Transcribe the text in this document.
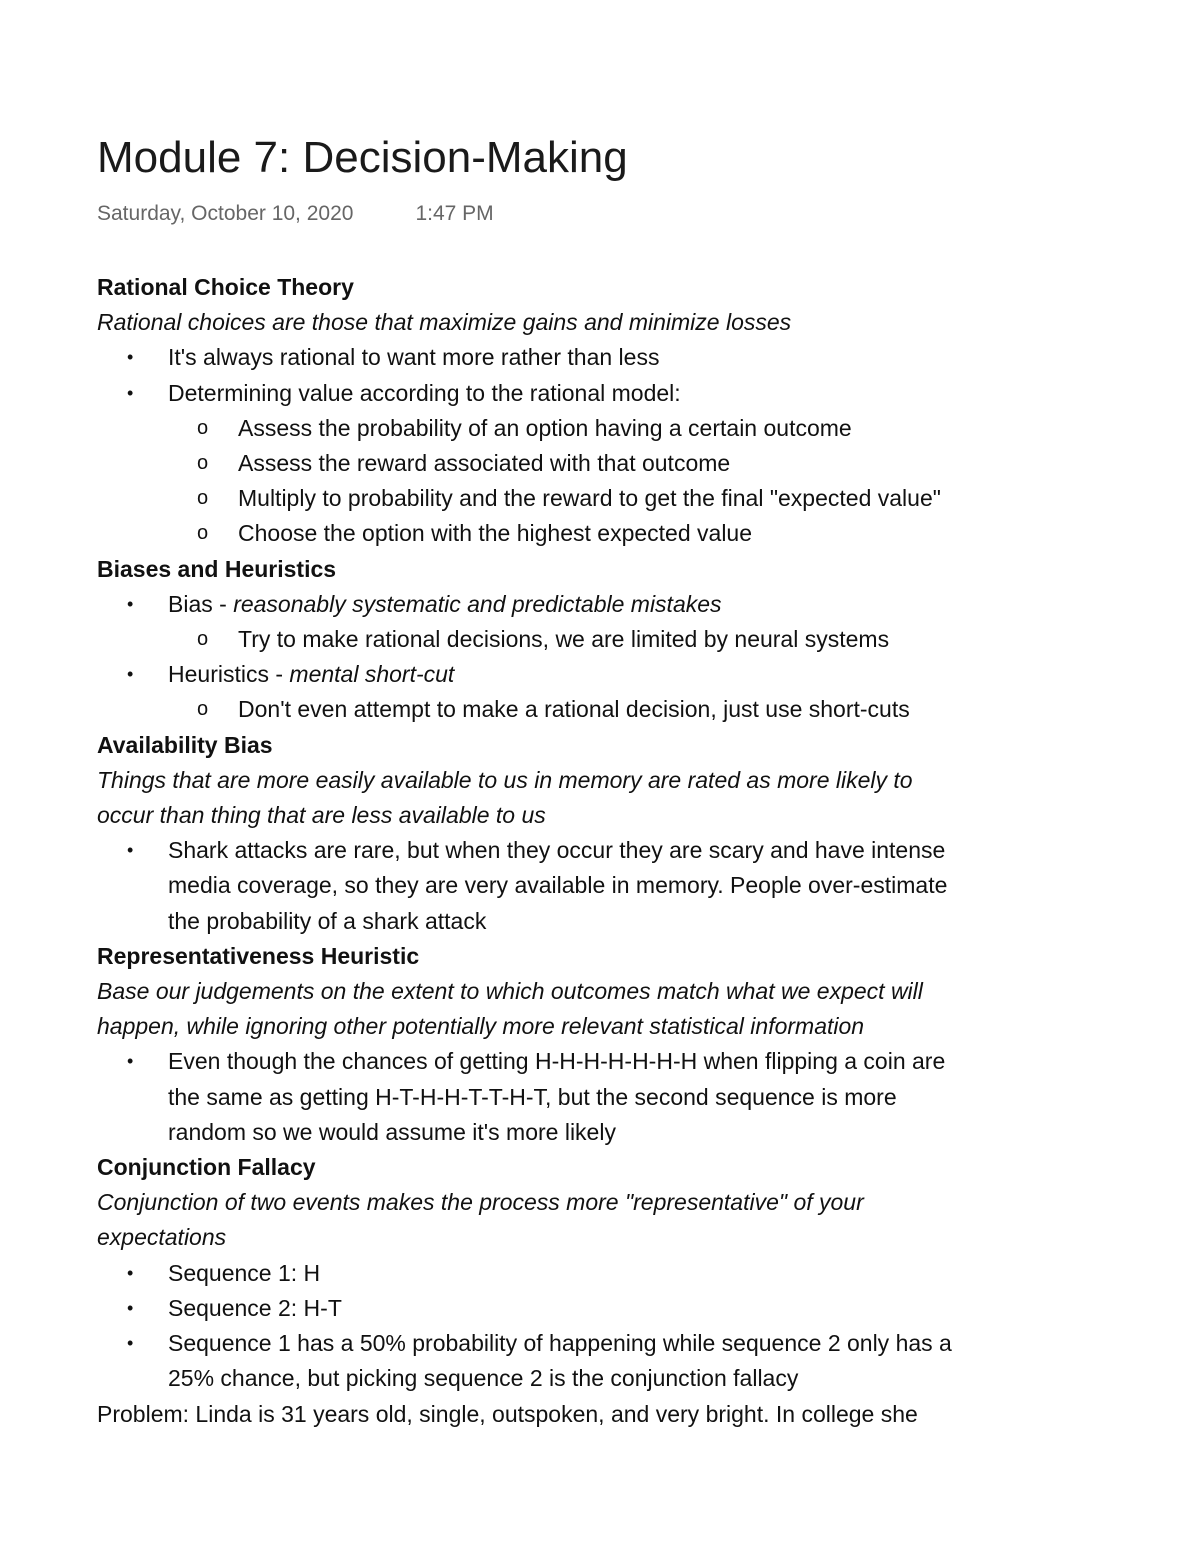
Module 7: Decision-Making
Saturday, October 10, 2020	1:47 PM
Rational Choice Theory
Rational choices are those that maximize gains and minimize losses
• It's always rational to want more rather than less
• Determining value according to the rational model:
o Assess the probability of an option having a certain outcome
o Assess the reward associated with that outcome
o Multiply to probability and the reward to get the final "expected value"
o Choose the option with the highest expected value
Biases and Heuristics
• Bias - reasonably systematic and predictable mistakes
o Try to make rational decisions, we are limited by neural systems
• Heuristics - mental short-cut
o Don't even attempt to make a rational decision, just use short-cuts
Availability Bias
Things that are more easily available to us in memory are rated as more likely to
occur than thing that are less available to us
• Shark attacks are rare, but when they occur they are scary and have intense
media coverage, so they are very available in memory. People over-estimate
the probability of a shark attack
Representativeness Heuristic
Base our judgements on the extent to which outcomes match what we expect will
happen, while ignoring other potentially more relevant statistical information
• Even though the chances of getting H-H-H-H-H-H-H when flipping a coin are
the same as getting H-T-H-H-T-T-H-T, but the second sequence is more
random so we would assume it's more likely
Conjunction Fallacy
Conjunction of two events makes the process more "representative" of your
expectations
• Sequence 1: H
• Sequence 2: H-T
• Sequence 1 has a 50% probability of happening while sequence 2 only has a
25% chance, but picking sequence 2 is the conjunction fallacy
Problem: Linda is 31 years old, single, outspoken, and very bright. In college she
